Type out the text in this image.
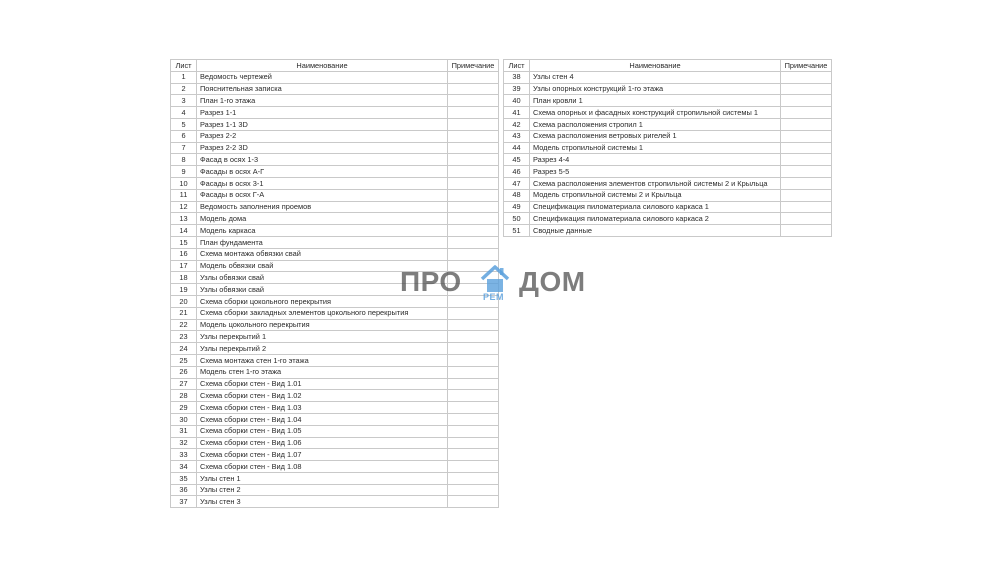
Лист	Наименование	Примечание
1	Ведомость чертежей	
2	Пояснительная записка	
3	План 1-го этажа	
4	Разрез 1-1	
5	Разрез 1-1 3D	
6	Разрез 2-2	
7	Разрез 2-2 3D	
8	Фасад в осях 1-3	
9	Фасады в осях А-Г	
10	Фасады в осях 3-1	
11	Фасады в осях Г-А	
12	Ведомость заполнения проемов	
13	Модель дома	
14	Модель каркаса	
15	План фундамента	
16	Схема монтажа обвязки свай	
17	Модель обвязки свай	
18	Узлы обвязки свай	
19	Узлы обвязки свай	
20	Схема сборки цокольного перекрытия	
21	Схема сборки закладных элементов цокольного перекрытия	
22	Модель цокольного перекрытия	
23	Узлы перекрытий 1	
24	Узлы перекрытий 2	
25	Схема монтажа стен 1-го этажа	
26	Модель стен 1-го этажа	
27	Схема сборки стен - Вид 1.01	
28	Схема сборки стен - Вид 1.02	
29	Схема сборки стен - Вид 1.03	
30	Схема сборки стен - Вид 1.04	
31	Схема сборки стен - Вид 1.05	
32	Схема сборки стен - Вид 1.06	
33	Схема сборки стен - Вид 1.07	
34	Схема сборки стен - Вид 1.08	
35	Узлы стен 1	
36	Узлы стен 2	
37	Узлы стен 3	
Лист	Наименование	Примечание
38	Узлы стен 4	
39	Узлы опорных конструкций 1-го этажа	
40	План кровли 1	
41	Схема опорных и фасадных конструкций стропильной системы 1	
42	Схема расположения стропил 1	
43	Схема расположения ветровых ригелей 1	
44	Модель стропильной системы 1	
45	Разрез 4-4	
46	Разрез 5-5	
47	Схема расположения элементов стропильной системы 2 и Крыльца	
48	Модель стропильной системы 2 и Крыльца	
49	Спецификация пиломатериала силового каркаса 1	
50	Спецификация пиломатериала силового каркаса 2	
51	Сводные данные	
ПРО РЕМ ДОМ
